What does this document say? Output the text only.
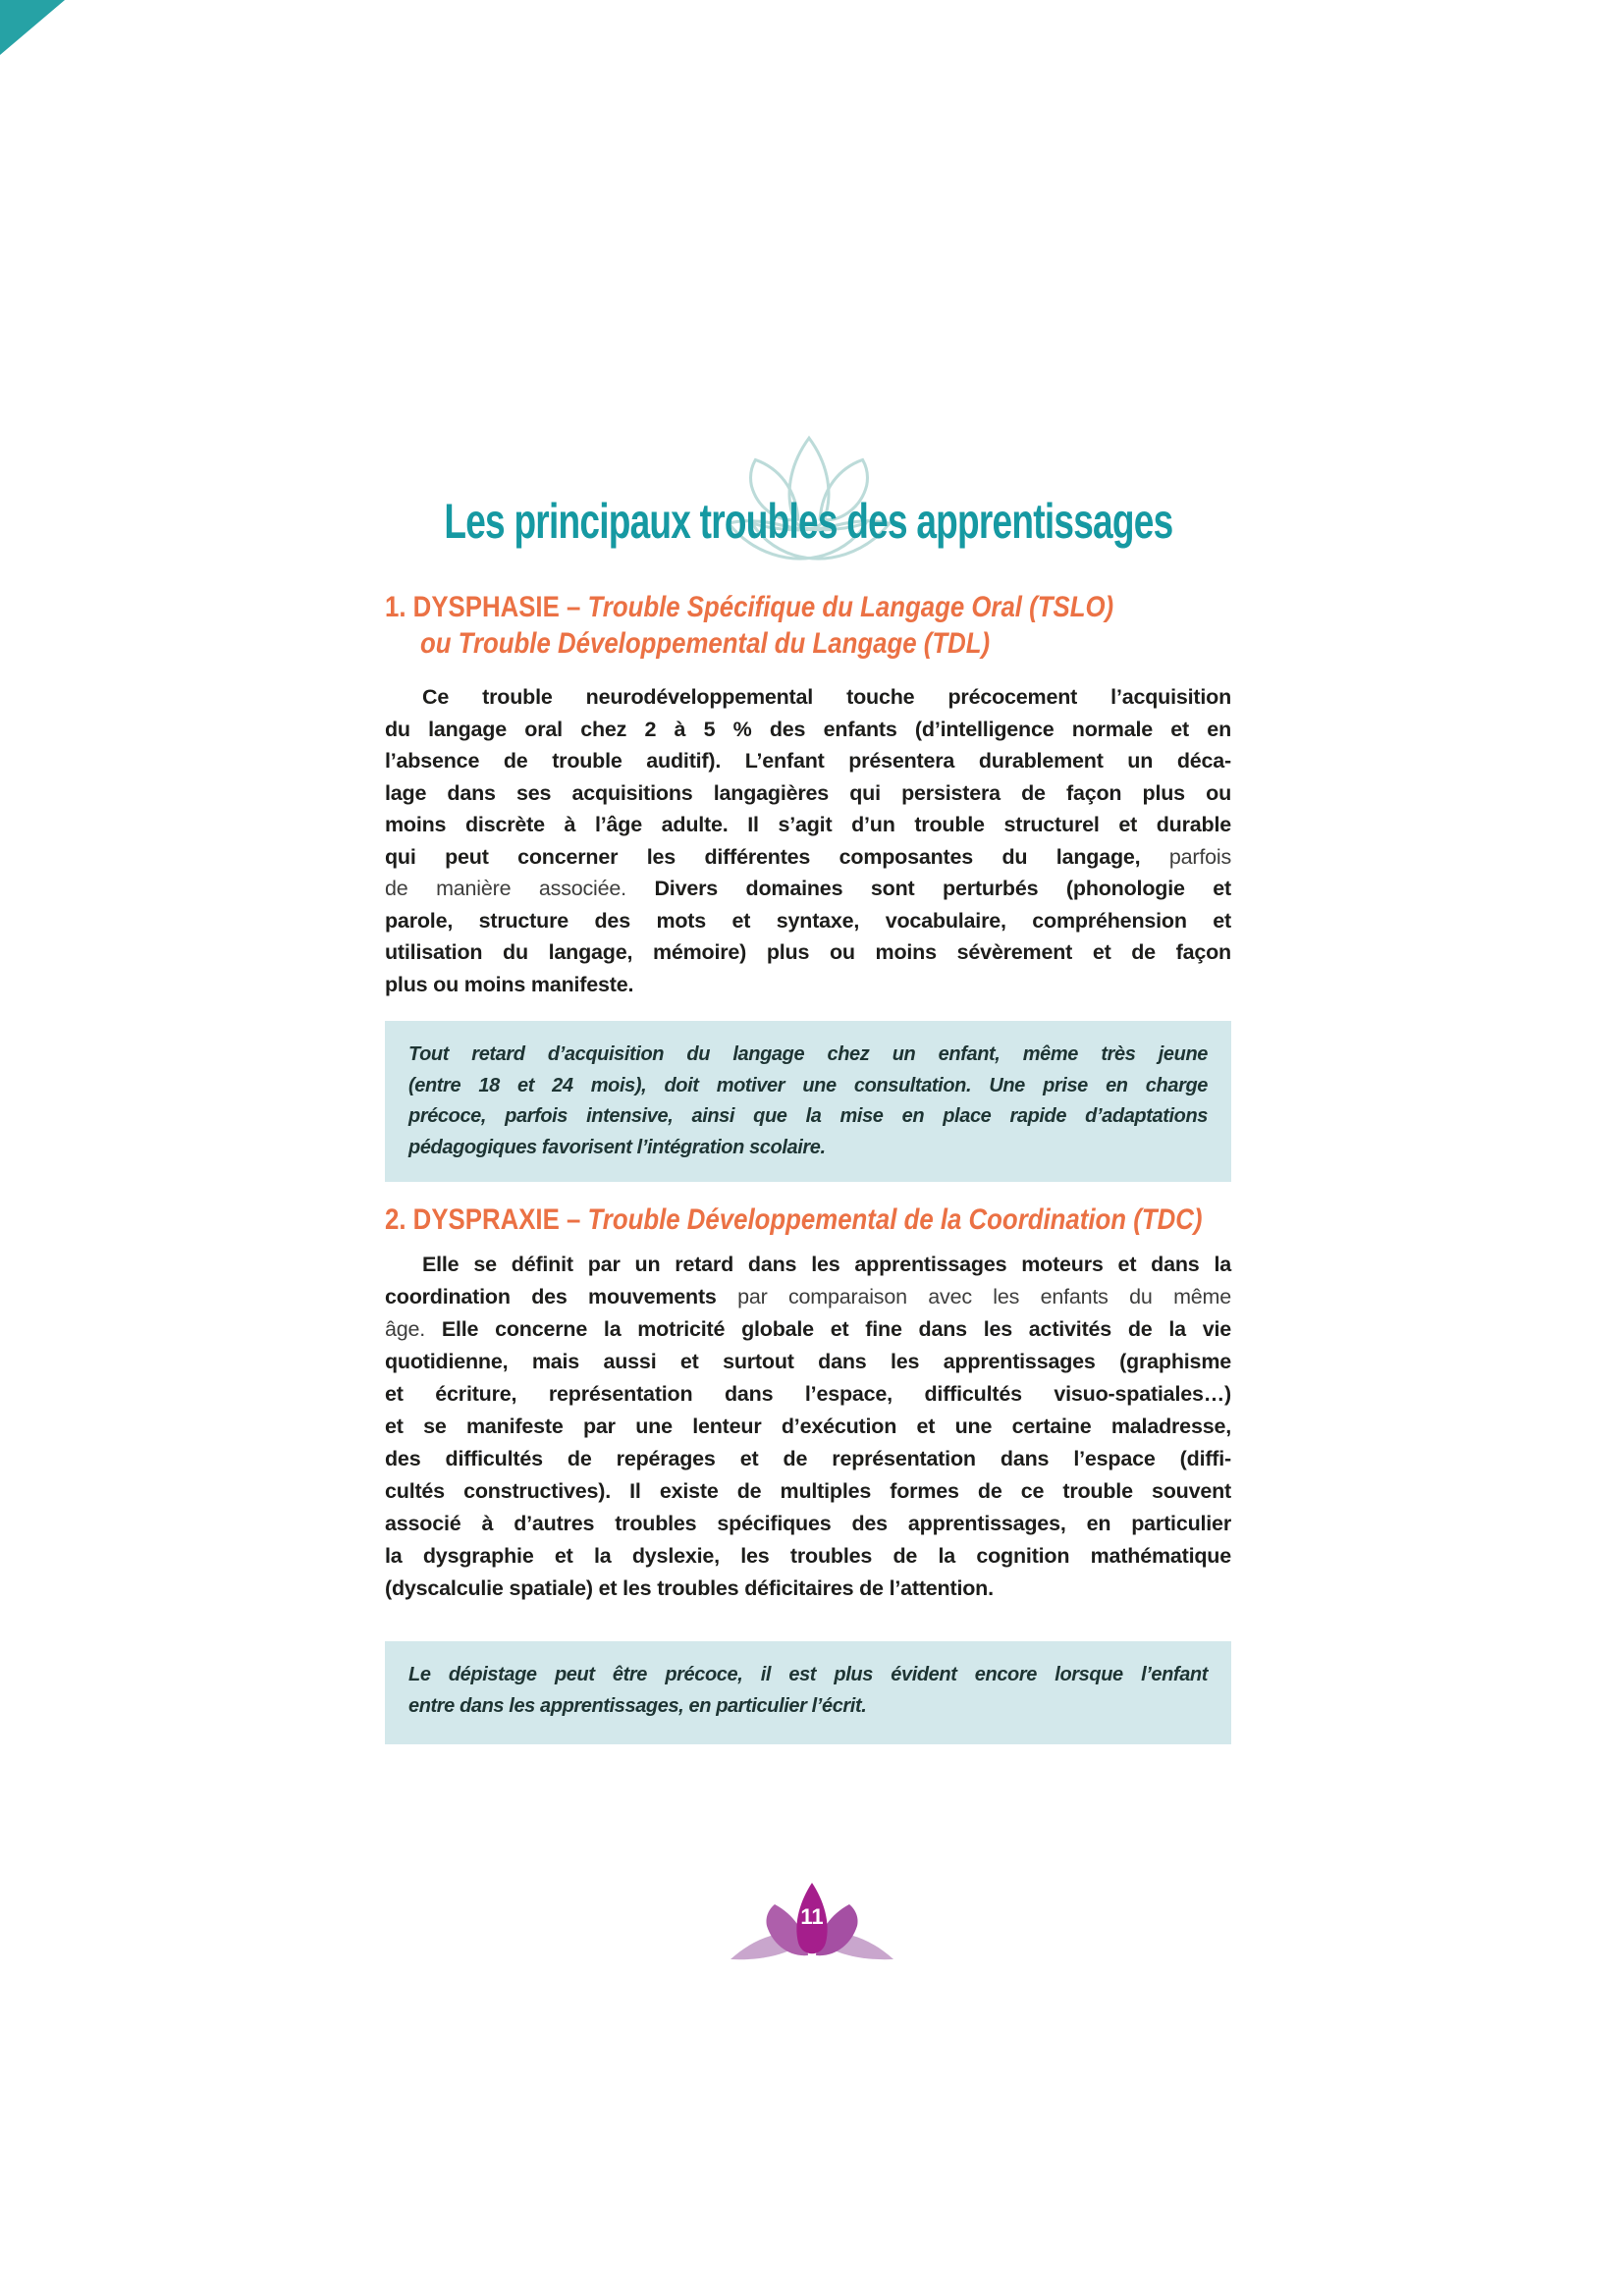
Les principaux troubles des apprentissages
1. DYSPHASIE – Trouble Spécifique du Langage Oral (TSLO)
ou Trouble Développemental du Langage (TDL)
Ce trouble neurodéveloppemental touche précocement l’acquisition
du langage oral chez 2 à 5 % des enfants (d’intelligence normale et en
l’absence de trouble auditif). L’enfant présentera durablement un déca-
lage dans ses acquisitions langagières qui persistera de façon plus ou
moins discrète à l’âge adulte. Il s’agit d’un trouble structurel et durable
qui peut concerner les différentes composantes du langage, parfois
de manière associée. Divers domaines sont perturbés (phonologie et
parole, structure des mots et syntaxe, vocabulaire, compréhension et
utilisation du langage, mémoire) plus ou moins sévèrement et de façon
plus ou moins manifeste.
Tout retard d’acquisition du langage chez un enfant, même très jeune
(entre 18 et 24 mois), doit motiver une consultation. Une prise en charge
précoce, parfois intensive, ainsi que la mise en place rapide d’adaptations
pédagogiques favorisent l’intégration scolaire.
2. DYSPRAXIE – Trouble Développemental de la Coordination (TDC)
Elle se définit par un retard dans les apprentissages moteurs et dans la
coordination des mouvements par comparaison avec les enfants du même
âge. Elle concerne la motricité globale et fine dans les activités de la vie
quotidienne, mais aussi et surtout dans les apprentissages (graphisme
et écriture, représentation dans l’espace, difficultés visuo-spatiales…)
et se manifeste par une lenteur d’exécution et une certaine maladresse,
des difficultés de repérages et de représentation dans l’espace (diffi-
cultés constructives). Il existe de multiples formes de ce trouble souvent
associé à d’autres troubles spécifiques des apprentissages, en particulier
la dysgraphie et la dyslexie, les troubles de la cognition mathématique
(dyscalculie spatiale) et les troubles déficitaires de l’attention.
Le dépistage peut être précoce, il est plus évident encore lorsque l’enfant
entre dans les apprentissages, en particulier l’écrit.
11
